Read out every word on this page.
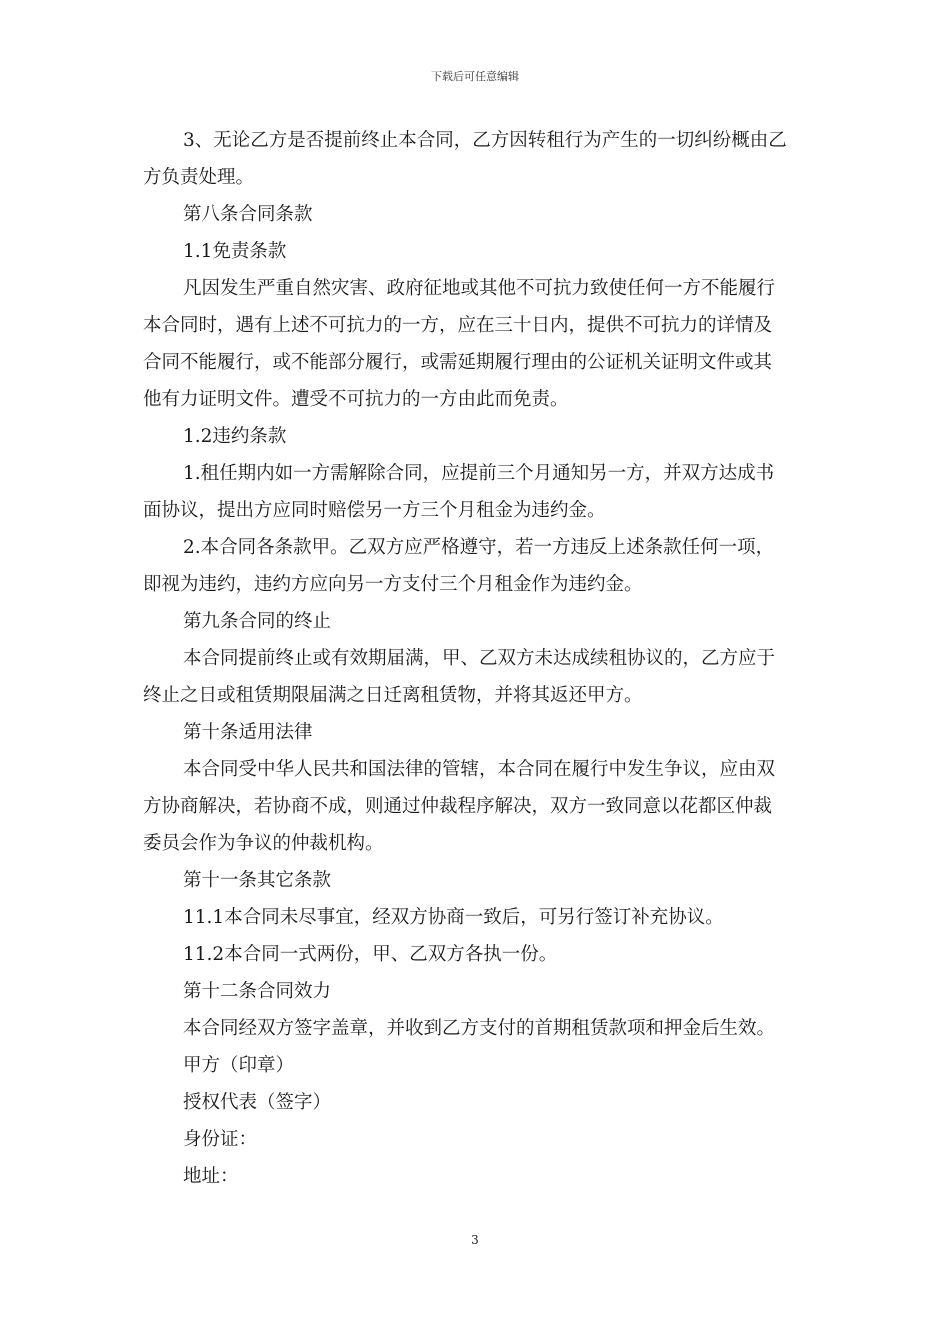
下载后可任意编辑
3、无论乙方是否提前终止本合同，乙方因转租行为产生的一切纠纷概由乙
方负责处理。
第八条合同条款
1.1免责条款
凡因发生严重自然灾害、政府征地或其他不可抗力致使任何一方不能履行
本合同时，遇有上述不可抗力的一方，应在三十日内，提供不可抗力的详情及
合同不能履行，或不能部分履行，或需延期履行理由的公证机关证明文件或其
他有力证明文件。遭受不可抗力的一方由此而免责。
1.2违约条款
1.租任期内如一方需解除合同，应提前三个月通知另一方，并双方达成书
面协议，提出方应同时赔偿另一方三个月租金为违约金。
2.本合同各条款甲。乙双方应严格遵守，若一方违反上述条款任何一项，
即视为违约，违约方应向另一方支付三个月租金作为违约金。
第九条合同的终止
本合同提前终止或有效期届满，甲、乙双方未达成续租协议的，乙方应于
终止之日或租赁期限届满之日迁离租赁物，并将其返还甲方。
第十条适用法律
本合同受中华人民共和国法律的管辖，本合同在履行中发生争议，应由双
方协商解决，若协商不成，则通过仲裁程序解决，双方一致同意以花都区仲裁
委员会作为争议的仲裁机构。
第十一条其它条款
11.1本合同未尽事宜，经双方协商一致后，可另行签订补充协议。
11.2本合同一式两份，甲、乙双方各执一份。
第十二条合同效力
本合同经双方签字盖章，并收到乙方支付的首期租赁款项和押金后生效。
甲方（印章）
授权代表（签字）
身份证：
地址：
3
